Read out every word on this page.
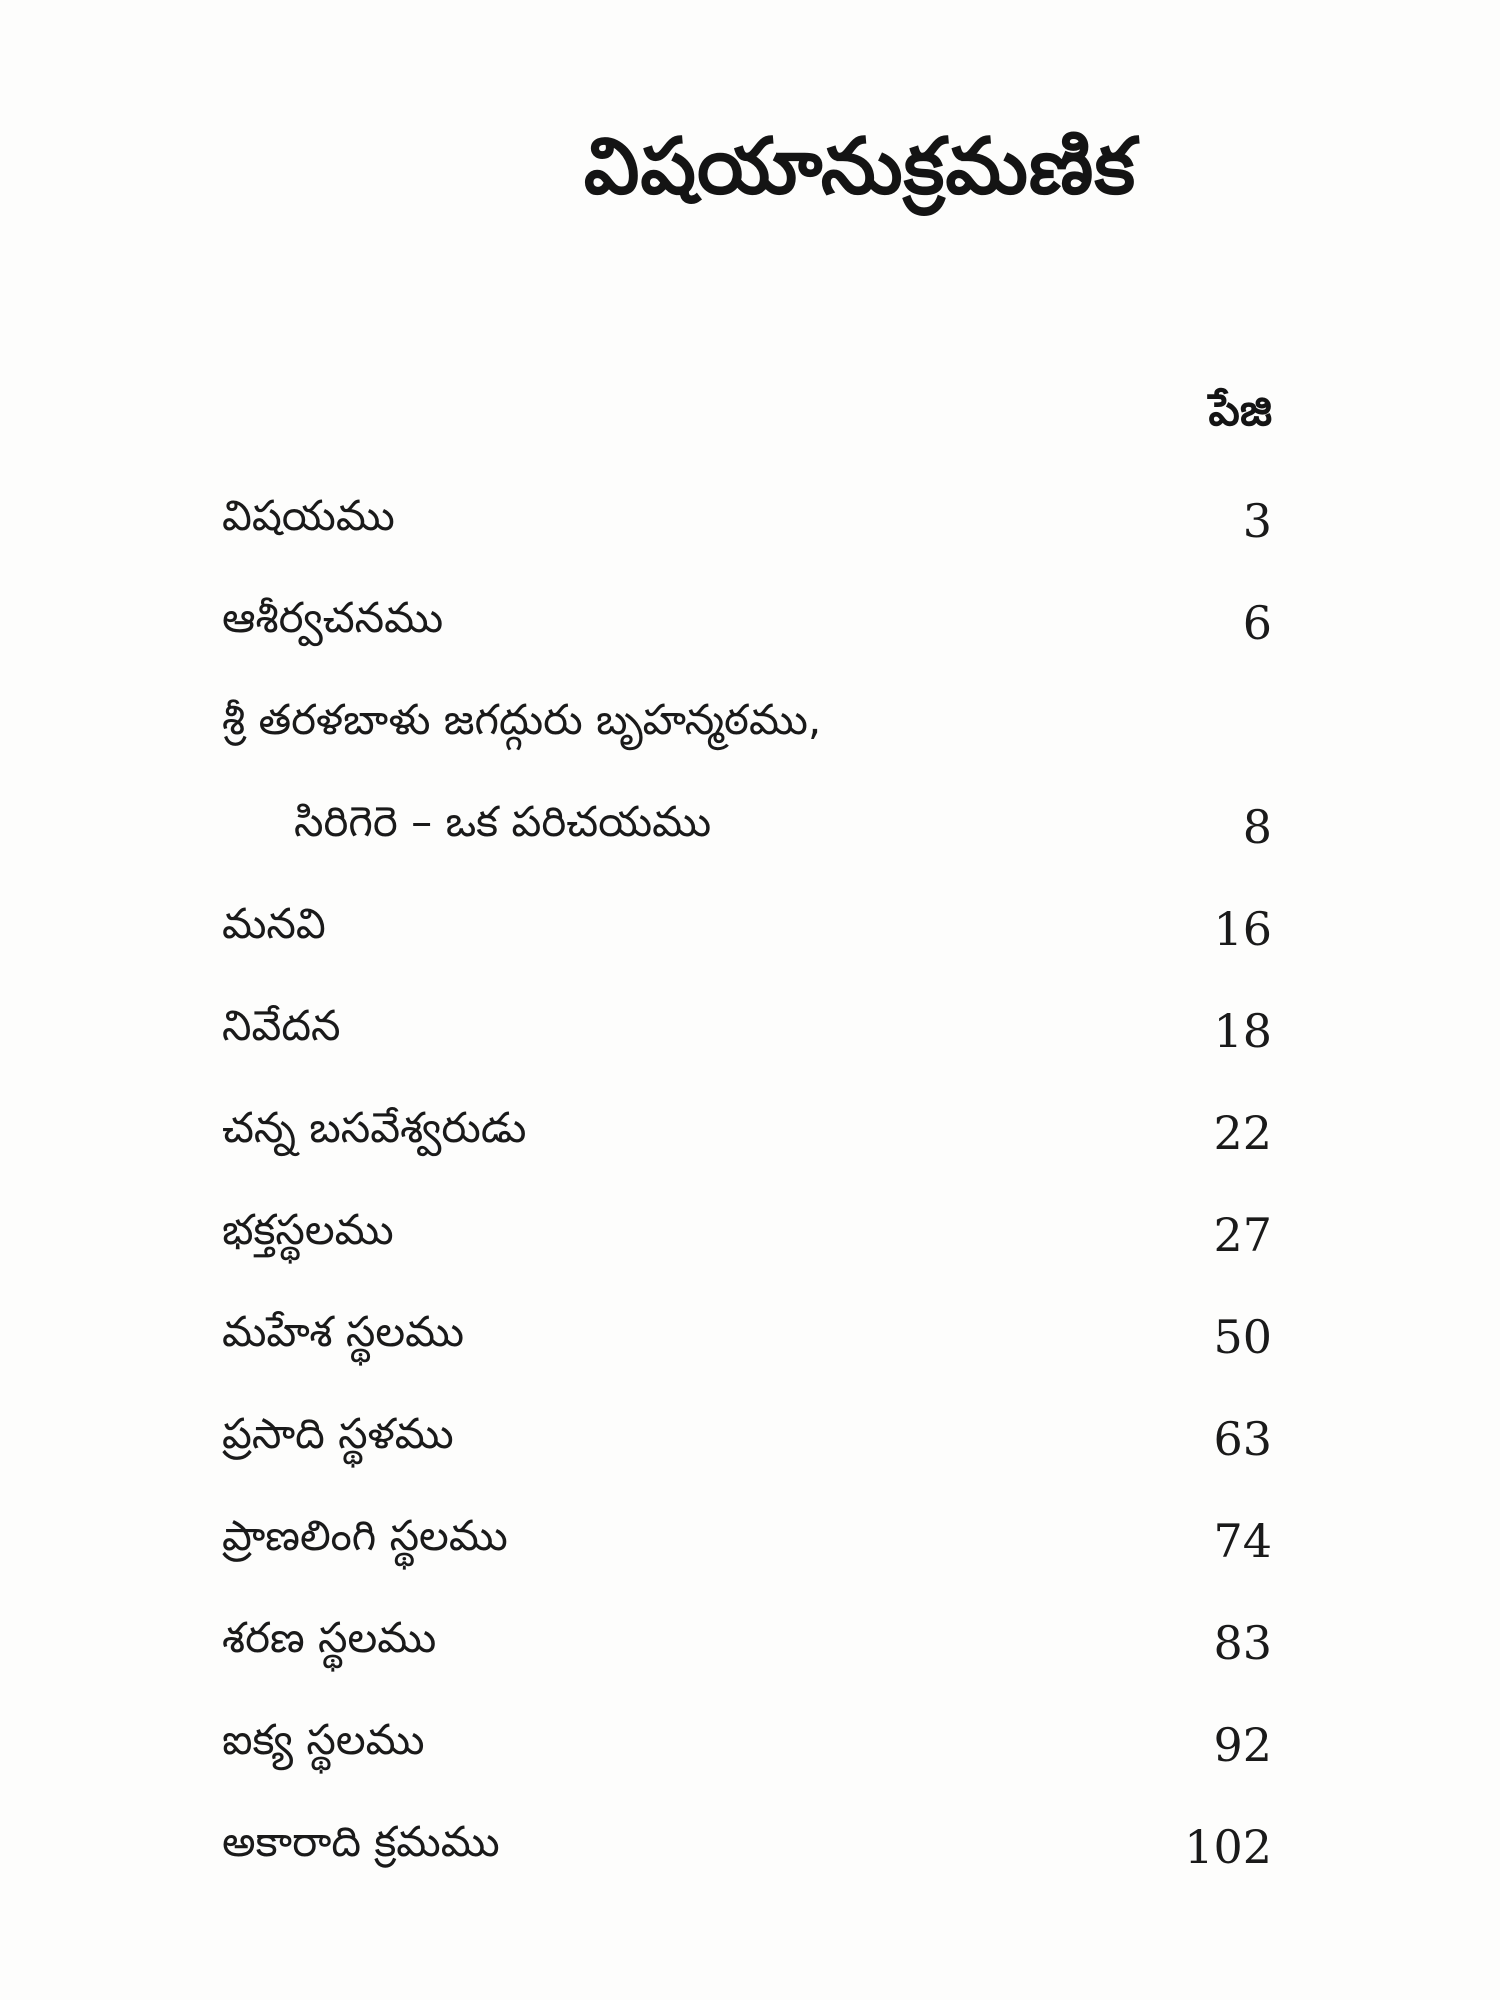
విషయానుక్రమణిక
పేజి
విషయము	3
ఆశీర్వచనము	6
శ్రీ తరళబాళు జగద్గురు బృహన్మఠము,
సిరిగెరె – ఒక పరిచయము	8
మనవి	16
నివేదన	18
చన్న బసవేశ్వరుడు	22
భక్తస్థలము	27
మహేశ స్థలము	50
ప్రసాది స్థళము	63
ప్రాణలింగి స్థలము	74
శరణ స్థలము	83
ఐక్య స్థలము	92
అకారాది క్రమము	102
